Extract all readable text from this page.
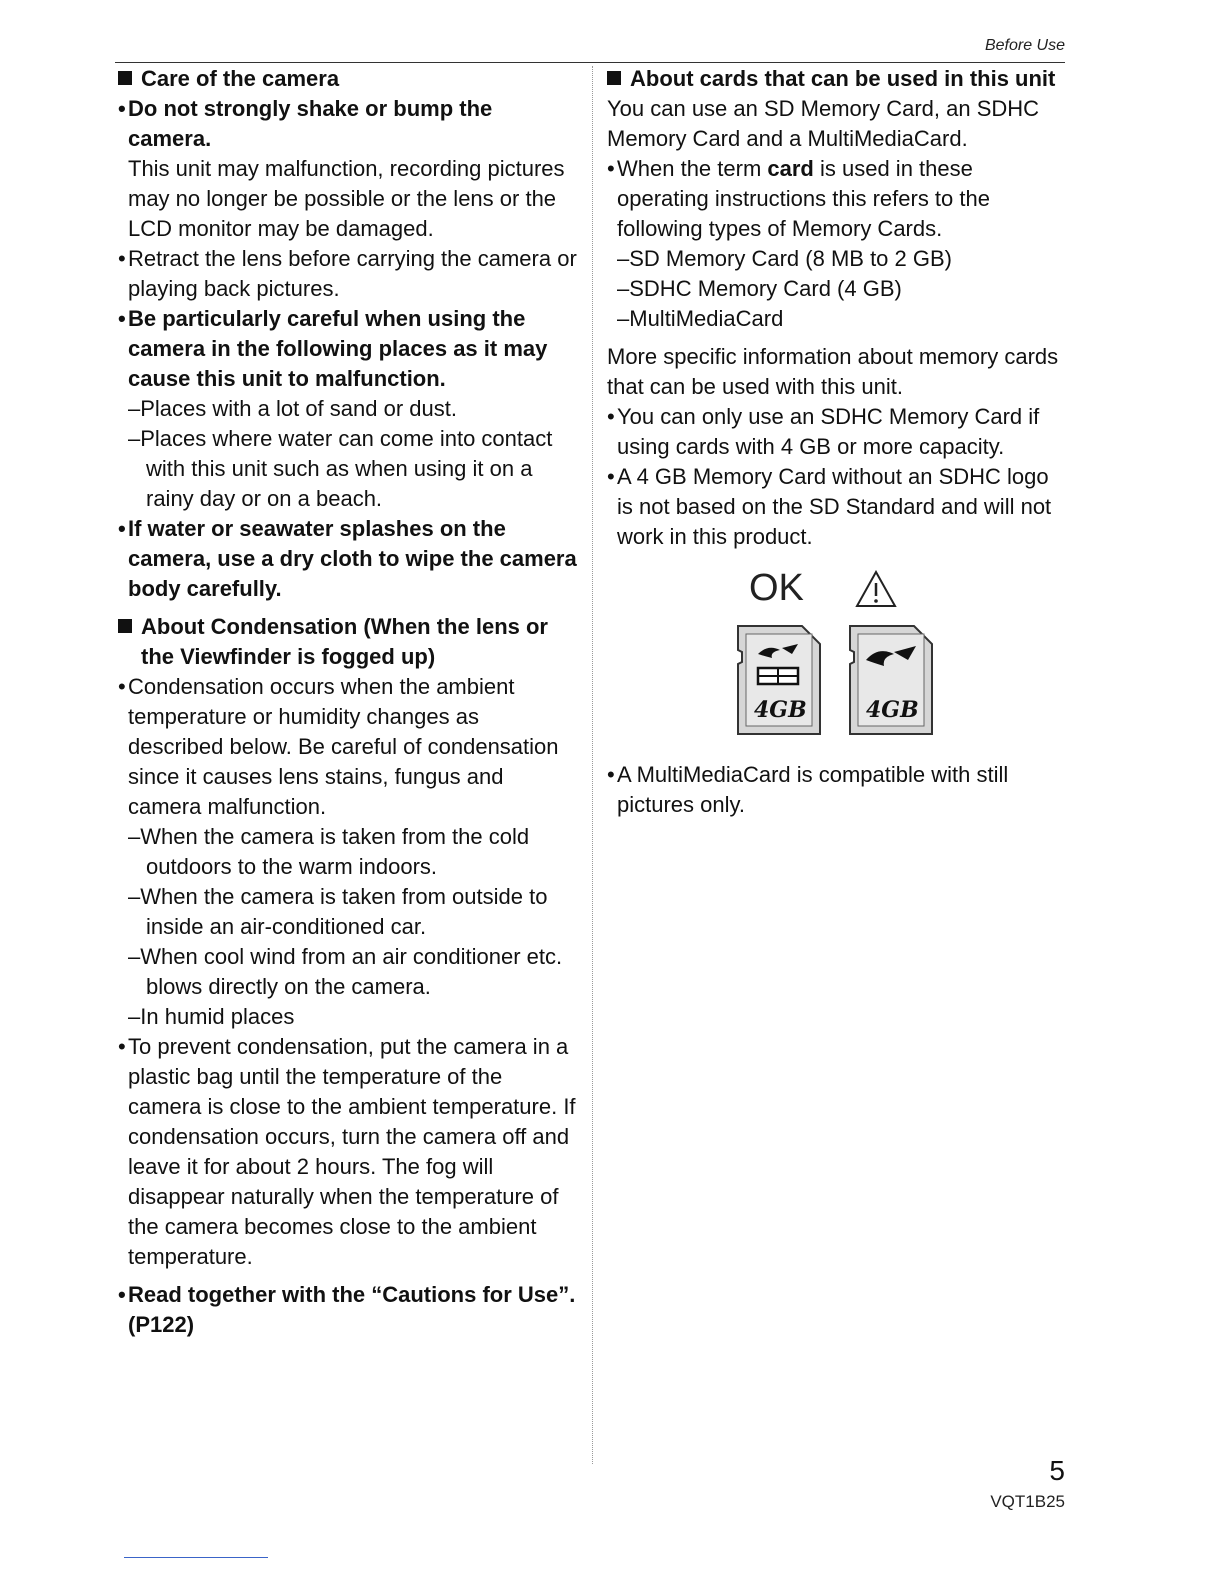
Before Use

Care of the camera

• Do not strongly shake or bump the camera.

This unit may malfunction, recording pictures may no longer be possible or the lens or the LCD monitor may be damaged.

• Retract the lens before carrying the camera or playing back pictures.

• Be particularly careful when using the camera in the following places as it may cause this unit to malfunction.

–Places with a lot of sand or dust.

–Places where water can come into contact with this unit such as when using it on a rainy day or on a beach.

• If water or seawater splashes on the camera, use a dry cloth to wipe the camera body carefully.

About Condensation (When the lens or the Viewfinder is fogged up)

• Condensation occurs when the ambient temperature or humidity changes as described below. Be careful of condensation since it causes lens stains, fungus and camera malfunction.

–When the camera is taken from the cold outdoors to the warm indoors.

–When the camera is taken from outside to inside an air-conditioned car.

–When cool wind from an air conditioner etc. blows directly on the camera.

–In humid places

• To prevent condensation, put the camera in a plastic bag until the temperature of the camera is close to the ambient temperature. If condensation occurs, turn the camera off and leave it for about 2 hours. The fog will disappear naturally when the temperature of the camera becomes close to the ambient temperature.

• Read together with the “Cautions for Use”. (P122)

About cards that can be used in this unit

You can use an SD Memory Card, an SDHC Memory Card and a MultiMediaCard.

• When the term card is used in these operating instructions this refers to the following types of Memory Cards.

–SD Memory Card (8 MB to 2 GB)

–SDHC Memory Card (4 GB)

–MultiMediaCard

More specific information about memory cards that can be used with this unit.

• You can only use an SDHC Memory Card if using cards with 4 GB or more capacity.

• A 4 GB Memory Card without an SDHC logo is not based on the SD Standard and will not work in this product.

OK
4GB	4GB

• A MultiMediaCard is compatible with still pictures only.

5
VQT1B25
